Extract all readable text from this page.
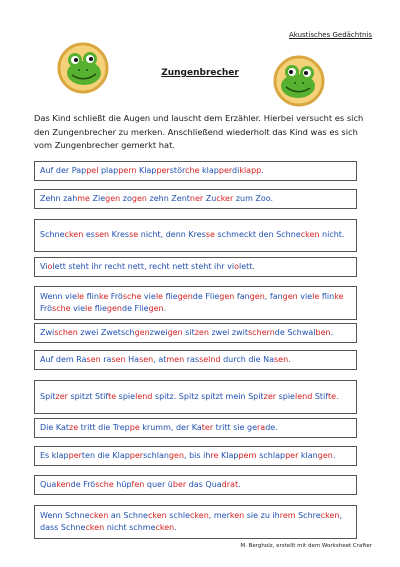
Akustisches Gedächtnis
Zungenbrecher
Das Kind schließt die Augen und lauscht dem Erzähler. Hierbei versucht es sich den Zungenbrecher zu merken. Anschließend wiederholt das Kind was es sich vom Zungenbrecher gemerkt hat.
Auf der Pappel plappern Klapperstörche klapperdiklapp.
Zehn zahme Ziegen zogen zehn Zentner Zucker zum Zoo.
Schnecken essen Kresse nicht, denn Kresse schmeckt den Schnecken nicht.
Violett steht ihr recht nett, recht nett steht ihr violett.
Wenn viele flinke Frösche viele fliegende Fliegen fangen, fangen viele flinke Frösche viele fliegende Fliegen.
Zwischen zwei Zwetschgenzweigen sitzen zwei zwitschernde Schwalben.
Auf dem Rasen rasen Hasen, atmen rasselnd durch die Nasen.
Spitzer spitzt Stifte spielend spitz. Spitz spitzt mein Spitzer spielend Stifte.
Die Katze tritt die Treppe krumm, der Kater tritt sie gerade.
Es klapperten die Klapperschlangen, bis ihre Klappern schlapper klangen.
Quakende Frösche hüpfen quer über das Quadrat.
Wenn Schnecken an Schnecken schlecken, merken sie zu ihrem Schrecken, dass Schnecken nicht schmecken.
M. Bergholz, erstellt mit dem Worksheet Crafter
